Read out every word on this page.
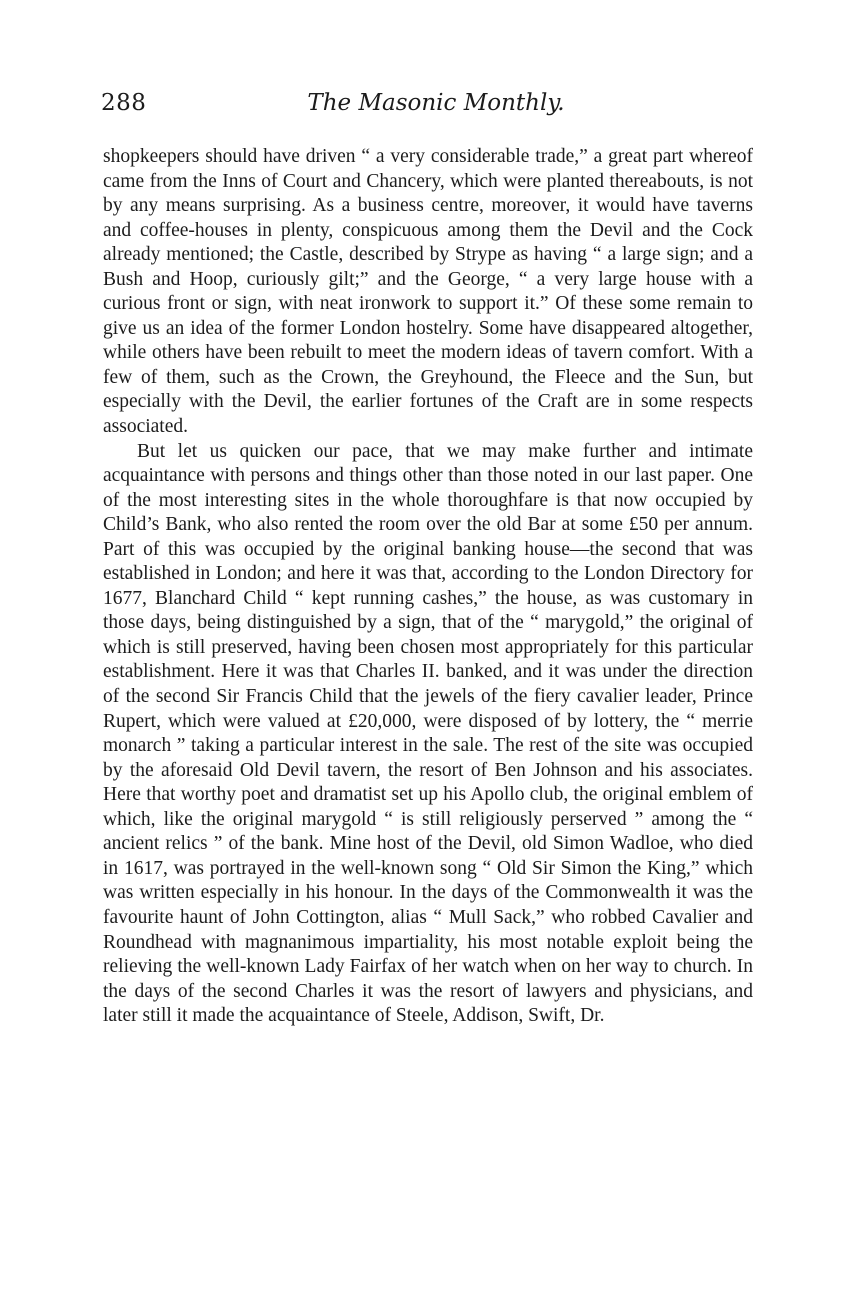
288	The Masonic Monthly.

shopkeepers should have driven “ a very considerable trade,” a great part whereof came from the Inns of Court and Chancery, which were planted thereabouts, is not by any means surprising. As a business centre, moreover, it would have taverns and coffee-houses in plenty, conspicuous among them the Devil and the Cock already mentioned; the Castle, described by Strype as having “ a large sign; and a Bush and Hoop, curiously gilt;” and the George, “ a very large house with a curious front or sign, with neat ironwork to support it.” Of these some remain to give us an idea of the former London hostelry. Some have disappeared altogether, while others have been rebuilt to meet the modern ideas of tavern comfort. With a few of them, such as the Crown, the Greyhound, the Fleece and the Sun, but especially with the Devil, the earlier fortunes of the Craft are in some respects associated.

But let us quicken our pace, that we may make further and intimate acquaintance with persons and things other than those noted in our last paper. One of the most interesting sites in the whole thoroughfare is that now occupied by Child’s Bank, who also rented the room over the old Bar at some £50 per annum. Part of this was occupied by the original banking house—the second that was established in London; and here it was that, according to the London Directory for 1677, Blanchard Child “ kept running cashes,” the house, as was customary in those days, being distinguished by a sign, that of the “ marygold,” the original of which is still preserved, having been chosen most appropriately for this particular establishment. Here it was that Charles II. banked, and it was under the direction of the second Sir Francis Child that the jewels of the fiery cavalier leader, Prince Rupert, which were valued at £20,000, were disposed of by lottery, the “ merrie monarch ” taking a particular interest in the sale. The rest of the site was occupied by the aforesaid Old Devil tavern, the resort of Ben Johnson and his associates. Here that worthy poet and dramatist set up his Apollo club, the original emblem of which, like the original marygold “ is still religiously perserved ” among the “ ancient relics ” of the bank. Mine host of the Devil, old Simon Wadloe, who died in 1617, was portrayed in the well-known song “ Old Sir Simon the King,” which was written especially in his honour. In the days of the Commonwealth it was the favourite haunt of John Cottington, alias “ Mull Sack,” who robbed Cavalier and Roundhead with magnanimous impartiality, his most notable exploit being the relieving the well-known Lady Fairfax of her watch when on her way to church. In the days of the second Charles it was the resort of lawyers and physicians, and later still it made the acquaintance of Steele, Addison, Swift, Dr.
